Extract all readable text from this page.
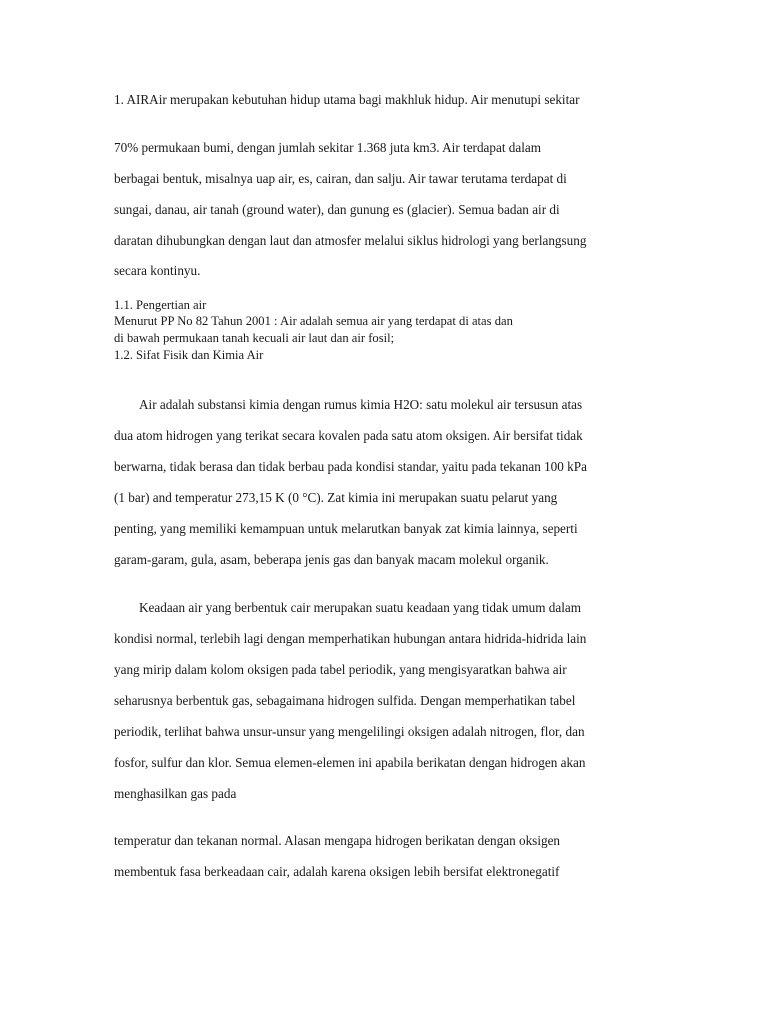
1. AIRAir merupakan kebutuhan hidup utama bagi makhluk hidup. Air menutupi sekitar
70% permukaan bumi, dengan jumlah sekitar 1.368 juta km3. Air terdapat dalam
berbagai bentuk, misalnya uap air, es, cairan, dan salju. Air tawar terutama terdapat di
sungai, danau, air tanah (ground water), dan gunung es (glacier). Semua badan air di
daratan dihubungkan dengan laut dan atmosfer melalui siklus hidrologi yang berlangsung
secara kontinyu.
1.1. Pengertian air
Menurut PP No 82 Tahun 2001 : Air adalah semua air yang terdapat di atas dan
di bawah permukaan tanah kecuali air laut dan air fosil;
1.2. Sifat Fisik dan Kimia Air
Air adalah substansi kimia dengan rumus kimia H2O: satu molekul air tersusun atas
dua atom hidrogen yang terikat secara kovalen pada satu atom oksigen. Air bersifat tidak
berwarna, tidak berasa dan tidak berbau pada kondisi standar, yaitu pada tekanan 100 kPa
(1 bar) and temperatur 273,15 K (0 °C). Zat kimia ini merupakan suatu pelarut yang
penting, yang memiliki kemampuan untuk melarutkan banyak zat kimia lainnya, seperti
garam-garam, gula, asam, beberapa jenis gas dan banyak macam molekul organik.
Keadaan air yang berbentuk cair merupakan suatu keadaan yang tidak umum dalam
kondisi normal, terlebih lagi dengan memperhatikan hubungan antara hidrida-hidrida lain
yang mirip dalam kolom oksigen pada tabel periodik, yang mengisyaratkan bahwa air
seharusnya berbentuk gas, sebagaimana hidrogen sulfida. Dengan memperhatikan tabel
periodik, terlihat bahwa unsur-unsur yang mengelilingi oksigen adalah nitrogen, flor, dan
fosfor, sulfur dan klor. Semua elemen-elemen ini apabila berikatan dengan hidrogen akan
menghasilkan gas pada
temperatur dan tekanan normal. Alasan mengapa hidrogen berikatan dengan oksigen
membentuk fasa berkeadaan cair, adalah karena oksigen lebih bersifat elektronegatif
